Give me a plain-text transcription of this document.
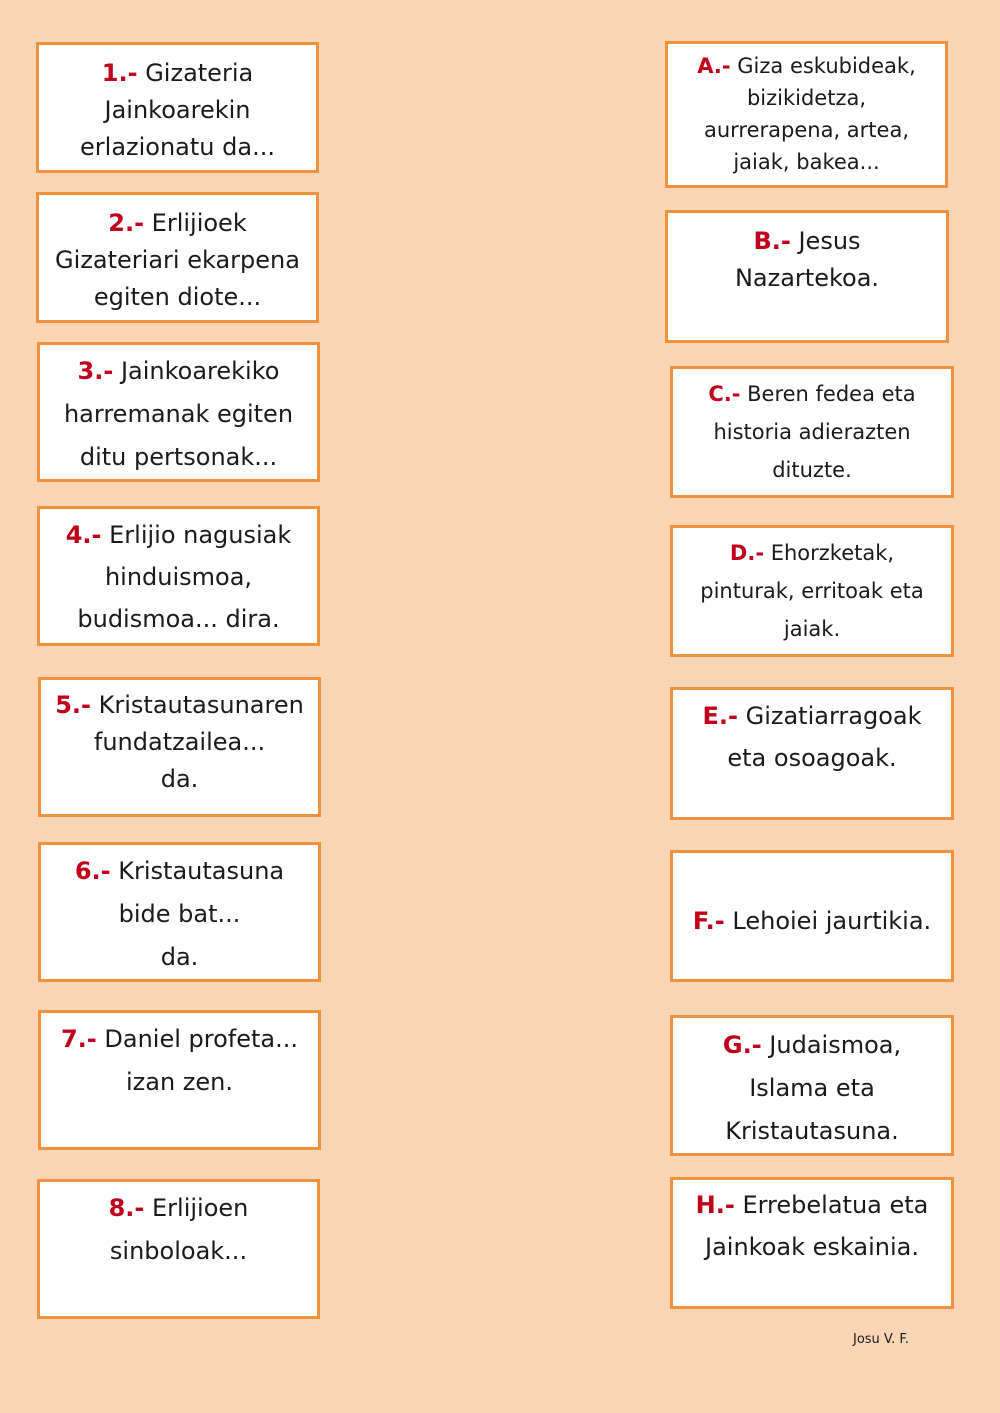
1.- Gizateria
Jainkoarekin
erlazionatu da...
2.- Erlijioek
Gizateriari ekarpena
egiten diote...
3.- Jainkoarekiko
harremanak egiten
ditu pertsonak...
4.- Erlijio nagusiak
hinduismoa,
budismoa... dira.
5.- Kristautasunaren
fundatzailea...
da.
6.- Kristautasuna
bide bat...
da.
7.- Daniel profeta...
izan zen.
8.- Erlijioen
sinboloak...
A.- Giza eskubideak,
bizikidetza,
aurrerapena, artea,
jaiak, bakea...
B.- Jesus
Nazartekoa.
C.- Beren fedea eta
historia adierazten
dituzte.
D.- Ehorzketak,
pinturak, erritoak eta
jaiak.
E.- Gizatiarragoak
eta osoagoak.
F.- Lehoiei jaurtikia.
G.- Judaismoa,
Islama eta
Kristautasuna.
H.- Errebelatua eta
Jainkoak eskainia.
Josu V. F.
